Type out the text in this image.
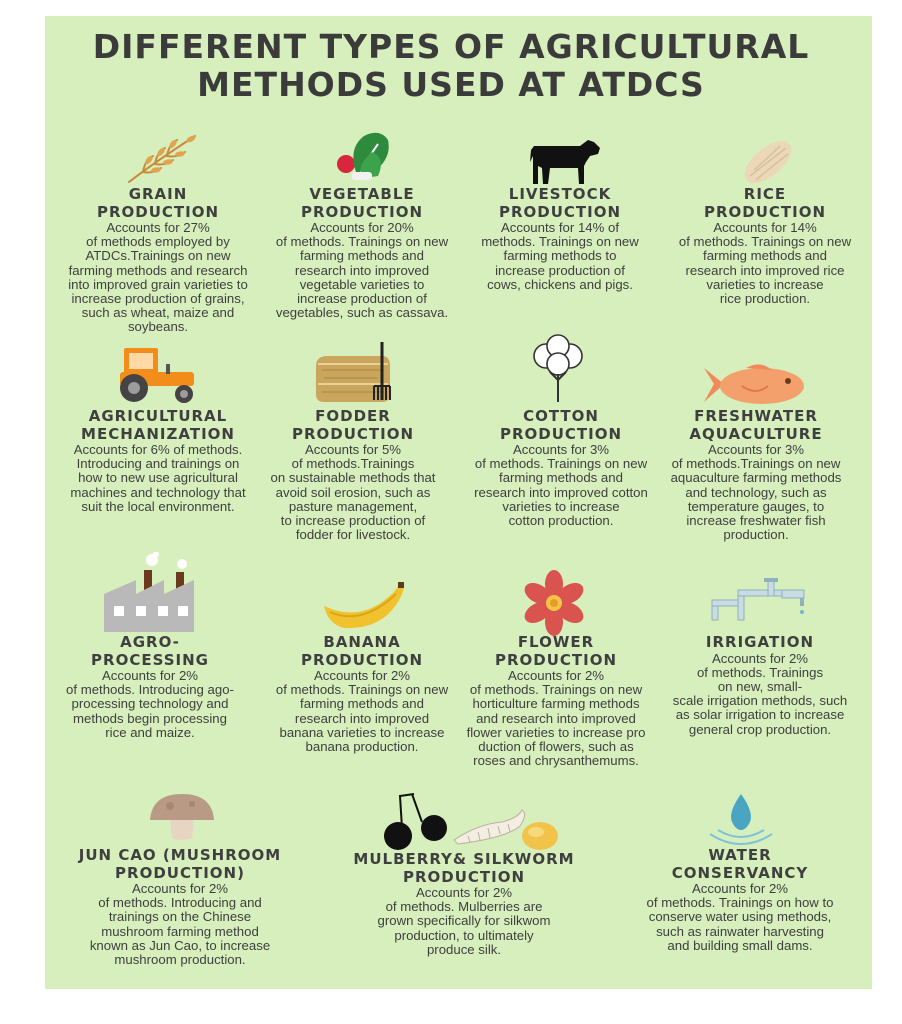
DIFFERENT TYPES OF AGRICULTURAL
METHODS USED AT ATDCS
GRAIN
PRODUCTION
Accounts for 27%
of methods employed by
ATDCs.Trainings on new
farming methods and research
into improved grain varieties to
increase production of grains,
such as wheat, maize and
soybeans.
VEGETABLE
PRODUCTION
Accounts for 20%
of methods. Trainings on new
farming methods and
research into improved
vegetable varieties to
increase production of
vegetables, such as cassava.
LIVESTOCK
PRODUCTION
Accounts for 14% of
methods. Trainings on new
farming methods to
increase production of
cows, chickens and pigs.
RICE
PRODUCTION
Accounts for 14%
of methods. Trainings on new
farming methods and
research into improved rice
varieties to increase
rice production.
AGRICULTURAL
MECHANIZATION
Accounts for 6% of methods.
Introducing and trainings on
how to new use agricultural
machines and technology that
suit the local environment.
FODDER
PRODUCTION
Accounts for 5%
of methods.Trainings
on sustainable methods that
avoid soil erosion, such as
pasture management,
to increase production of
fodder for livestock.
COTTON
PRODUCTION
Accounts for 3%
of methods. Trainings on new
farming methods and
research into improved cotton
varieties to increase
cotton production.
FRESHWATER
AQUACULTURE
Accounts for 3%
of methods.Trainings on new
aquaculture farming methods
and technology, such as
temperature gauges, to
increase freshwater fish
production.
AGRO-
PROCESSING
Accounts for 2%
of methods. Introducing ago-
processing technology and
methods begin processing
rice and maize.
BANANA
PRODUCTION
Accounts for 2%
of methods. Trainings on new
farming methods and
research into improved
banana varieties to increase
banana production.
FLOWER
PRODUCTION
Accounts for 2%
of methods. Trainings on new
horticulture farming methods
and research into improved
flower varieties to increase pro
duction of flowers, such as
roses and chrysanthemums.
IRRIGATION
Accounts for 2%
of methods. Trainings
on new, small-
scale irrigation methods, such
as solar irrigation to increase
general crop production.
JUN CAO (MUSHROOM
PRODUCTION)
Accounts for 2%
of methods. Introducing and
trainings on the Chinese
mushroom farming method
known as Jun Cao, to increase
mushroom production.
MULBERRY& SILKWORM
PRODUCTION
Accounts for 2%
of methods. Mulberries are
grown specifically for silkwom
production, to ultimately
produce silk.
WATER
CONSERVANCY
Accounts for 2%
of methods. Trainings on how to
conserve water using methods,
such as rainwater harvesting
and building small dams.
